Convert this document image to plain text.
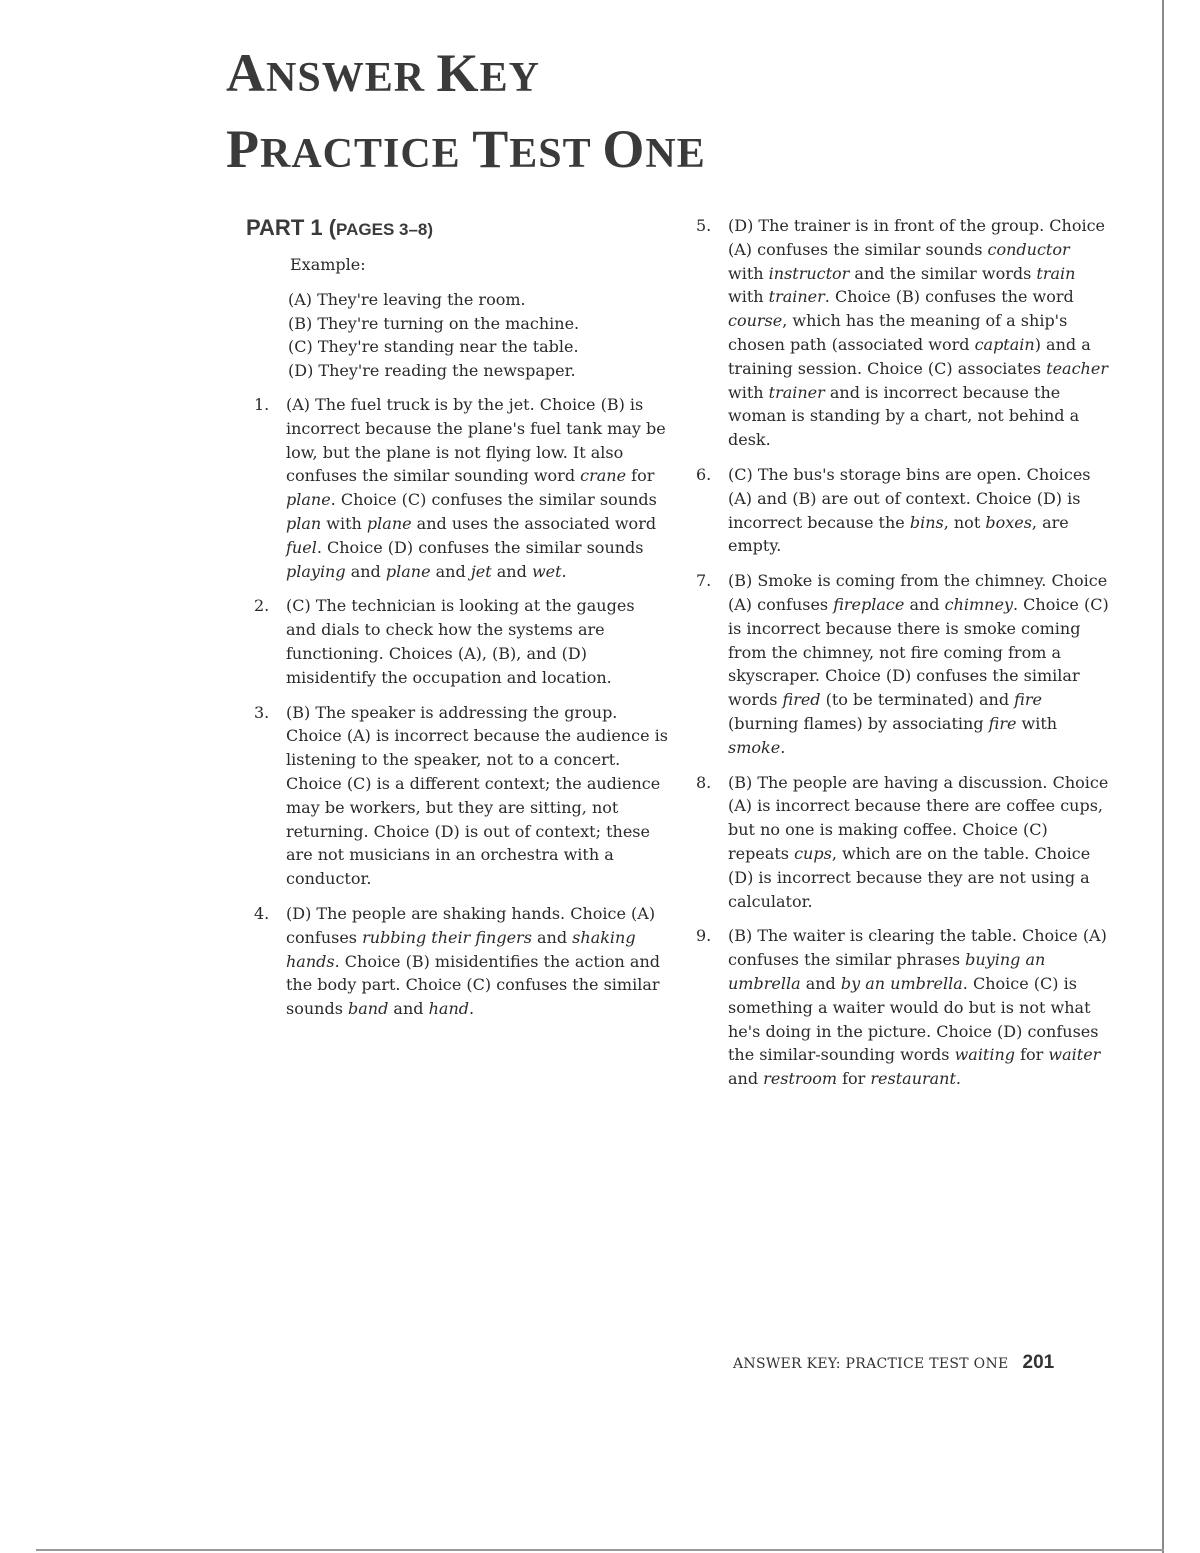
ANSWER KEY
PRACTICE TEST ONE
PART 1 (PAGES 3–8)

Example:

(A) They're leaving the room.
(B) They're turning on the machine.
(C) They're standing near the table.
(D) They're reading the newspaper.
1. (A) The fuel truck is by the jet. Choice (B) is incorrect because the plane's fuel tank may be low, but the plane is not flying low. It also confuses the similar sounding word crane for plane. Choice (C) confuses the similar sounds plan with plane and uses the associated word fuel. Choice (D) confuses the similar sounds playing and plane and jet and wet.

2. (C) The technician is looking at the gauges and dials to check how the systems are functioning. Choices (A), (B), and (D) misidentify the occupation and location.

3. (B) The speaker is addressing the group. Choice (A) is incorrect because the audience is listening to the speaker, not to a concert. Choice (C) is a different context; the audience may be workers, but they are sitting, not returning. Choice (D) is out of context; these are not musicians in an orchestra with a conductor.

4. (D) The people are shaking hands. Choice (A) confuses rubbing their fingers and shaking hands. Choice (B) misidentifies the action and the body part. Choice (C) confuses the similar sounds band and hand.

5. (D) The trainer is in front of the group. Choice (A) confuses the similar sounds conductor with instructor and the similar words train with trainer. Choice (B) confuses the word course, which has the meaning of a ship's chosen path (associated word captain) and a training session. Choice (C) associates teacher with trainer and is incorrect because the woman is standing by a chart, not behind a desk.

6. (C) The bus's storage bins are open. Choices (A) and (B) are out of context. Choice (D) is incorrect because the bins, not boxes, are empty.

7. (B) Smoke is coming from the chimney. Choice (A) confuses fireplace and chimney. Choice (C) is incorrect because there is smoke coming from the chimney, not fire coming from a skyscraper. Choice (D) confuses the similar words fired (to be terminated) and fire (burning flames) by associating fire with smoke.

8. (B) The people are having a discussion. Choice (A) is incorrect because there are coffee cups, but no one is making coffee. Choice (C) repeats cups, which are on the table. Choice (D) is incorrect because they are not using a calculator.

9. (B) The waiter is clearing the table. Choice (A) confuses the similar phrases buying an umbrella and by an umbrella. Choice (C) is something a waiter would do but is not what he's doing in the picture. Choice (D) confuses the similar-sounding words waiting for waiter and restroom for restaurant.

ANSWER KEY: PRACTICE TEST ONE 201
